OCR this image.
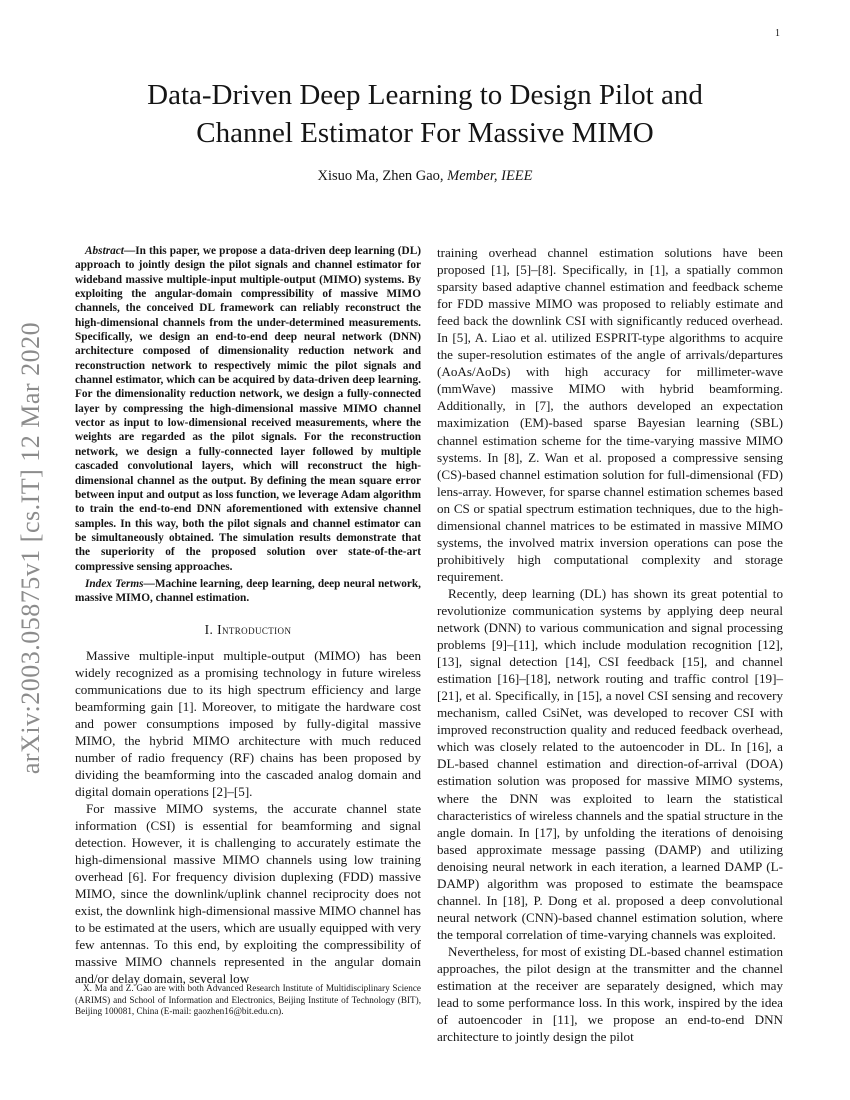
1
arXiv:2003.05875v1 [cs.IT] 12 Mar 2020
Data-Driven Deep Learning to Design Pilot and
Channel Estimator For Massive MIMO
Xisuo Ma, Zhen Gao, Member, IEEE

Abstract—In this paper, we propose a data-driven deep learning (DL) approach to jointly design the pilot signals and channel estimator for wideband massive multiple-input multiple-output (MIMO) systems. By exploiting the angular-domain compressibility of massive MIMO channels, the conceived DL framework can reliably reconstruct the high-dimensional channels from the under-determined measurements. Specifically, we design an end-to-end deep neural network (DNN) architecture composed of dimensionality reduction network and reconstruction network to respectively mimic the pilot signals and channel estimator, which can be acquired by data-driven deep learning. For the dimensionality reduction network, we design a fully-connected layer by compressing the high-dimensional massive MIMO channel vector as input to low-dimensional received measurements, where the weights are regarded as the pilot signals. For the reconstruction network, we design a fully-connected layer followed by multiple cascaded convolutional layers, which will reconstruct the high-dimensional channel as the output. By defining the mean square error between input and output as loss function, we leverage Adam algorithm to train the end-to-end DNN aforementioned with extensive channel samples. In this way, both the pilot signals and channel estimator can be simultaneously obtained. The simulation results demonstrate that the superiority of the proposed solution over state-of-the-art compressive sensing approaches.

Index Terms—Machine learning, deep learning, deep neural network, massive MIMO, channel estimation.

I. Introduction

Massive multiple-input multiple-output (MIMO) has been widely recognized as a promising technology in future wireless communications due to its high spectrum efficiency and large beamforming gain [1]. Moreover, to mitigate the hardware cost and power consumptions imposed by fully-digital massive MIMO, the hybrid MIMO architecture with much reduced number of radio frequency (RF) chains has been proposed by dividing the beamforming into the cascaded analog domain and digital domain operations [2]–[5].

For massive MIMO systems, the accurate channel state information (CSI) is essential for beamforming and signal detection. However, it is challenging to accurately estimate the high-dimensional massive MIMO channels using low training overhead [6]. For frequency division duplexing (FDD) massive MIMO, since the downlink/uplink channel reciprocity does not exist, the downlink high-dimensional massive MIMO channel has to be estimated at the users, which are usually equipped with very few antennas. To this end, by exploiting the compressibility of massive MIMO channels represented in the angular domain and/or delay domain, several low

training overhead channel estimation solutions have been proposed [1], [5]–[8]. Specifically, in [1], a spatially common sparsity based adaptive channel estimation and feedback scheme for FDD massive MIMO was proposed to reliably estimate and feed back the downlink CSI with significantly reduced overhead. In [5], A. Liao et al. utilized ESPRIT-type algorithms to acquire the super-resolution estimates of the angle of arrivals/departures (AoAs/AoDs) with high accuracy for millimeter-wave (mmWave) massive MIMO with hybrid beamforming. Additionally, in [7], the authors developed an expectation maximization (EM)-based sparse Bayesian learning (SBL) channel estimation scheme for the time-varying massive MIMO systems. In [8], Z. Wan et al. proposed a compressive sensing (CS)-based channel estimation solution for full-dimensional (FD) lens-array. However, for sparse channel estimation schemes based on CS or spatial spectrum estimation techniques, due to the high-dimensional channel matrices to be estimated in massive MIMO systems, the involved matrix inversion operations can pose the prohibitively high computational complexity and storage requirement.

Recently, deep learning (DL) has shown its great potential to revolutionize communication systems by applying deep neural network (DNN) to various communication and signal processing problems [9]–[11], which include modulation recognition [12], [13], signal detection [14], CSI feedback [15], and channel estimation [16]–[18], network routing and traffic control [19]–[21], et al. Specifically, in [15], a novel CSI sensing and recovery mechanism, called CsiNet, was developed to recover CSI with improved reconstruction quality and reduced feedback overhead, which was closely related to the autoencoder in DL. In [16], a DL-based channel estimation and direction-of-arrival (DOA) estimation solution was proposed for massive MIMO systems, where the DNN was exploited to learn the statistical characteristics of wireless channels and the spatial structure in the angle domain. In [17], by unfolding the iterations of denoising based approximate message passing (DAMP) and utilizing denoising neural network in each iteration, a learned DAMP (L-DAMP) algorithm was proposed to estimate the beamspace channel. In [18], P. Dong et al. proposed a deep convolutional neural network (CNN)-based channel estimation solution, where the temporal correlation of time-varying channels was exploited.

Nevertheless, for most of existing DL-based channel estimation approaches, the pilot design at the transmitter and the channel estimation at the receiver are separately designed, which may lead to some performance loss. In this work, inspired by the idea of autoencoder in [11], we propose an end-to-end DNN architecture to jointly design the pilot

X. Ma and Z. Gao are with both Advanced Research Institute of Multidisciplinary Science (ARIMS) and School of Information and Electronics, Beijing Institute of Technology (BIT), Beijing 100081, China (E-mail: gaozhen16@bit.edu.cn).
